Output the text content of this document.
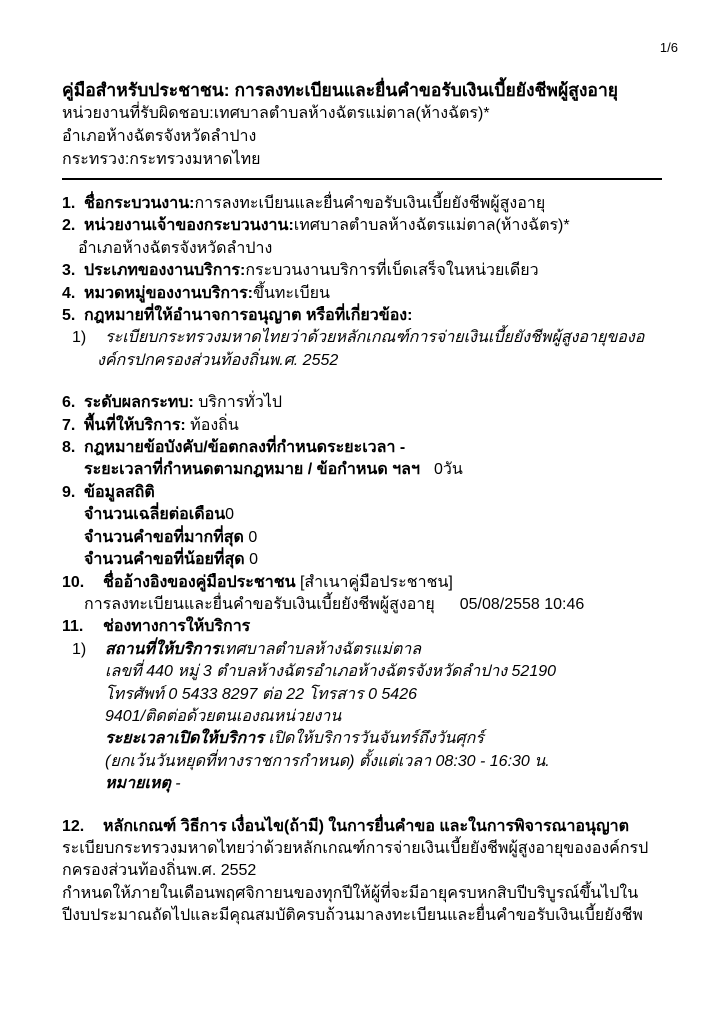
1/6
คู่มือสำหรับประชาชน: การลงทะเบียนและยื่นคำขอรับเงินเบี้ยยังชีพผู้สูงอายุ
หน่วยงานที่รับผิดชอบ:เทศบาลตำบลห้างฉัตรแม่ตาล(ห้างฉัตร)*
อำเภอห้างฉัตรจังหวัดลำปาง
กระทรวง:กระทรวงมหาดไทย
1. ชื่อกระบวนงาน:การลงทะเบียนและยื่นคำขอรับเงินเบี้ยยังชีพผู้สูงอายุ
2. หน่วยงานเจ้าของกระบวนงาน:เทศบาลตำบลห้างฉัตรแม่ตาล(ห้างฉัตร)*
อำเภอห้างฉัตรจังหวัดลำปาง
3. ประเภทของงานบริการ:กระบวนงานบริการที่เบ็ดเสร็จในหน่วยเดียว
4. หมวดหมู่ของงานบริการ:ขึ้นทะเบียน
5. กฎหมายที่ให้อำนาจการอนุญาต หรือที่เกี่ยวข้อง:
1)	ระเบียบกระทรวงมหาดไทยว่าด้วยหลักเกณฑ์การจ่ายเงินเบี้ยยังชีพผู้สูงอายุของอ
งค์กรปกครองส่วนท้องถิ่นพ.ศ. 2552
6. ระดับผลกระทบ: บริการทั่วไป
7. พื้นที่ให้บริการ: ท้องถิ่น
8. กฎหมายข้อบังคับ/ข้อตกลงที่กำหนดระยะเวลา -
ระยะเวลาที่กำหนดตามกฎหมาย / ข้อกำหนด ฯลฯ 0วัน
9. ข้อมูลสถิติ
จำนวนเฉลี่ยต่อเดือน0
จำนวนคำขอที่มากที่สุด 0
จำนวนคำขอที่น้อยที่สุด 0
10.	ชื่ออ้างอิงของคู่มือประชาชน [สำเนาคู่มือประชาชน]
การลงทะเบียนและยื่นคำขอรับเงินเบี้ยยังชีพผู้สูงอายุ 05/08/2558 10:46
11.	ช่องทางการให้บริการ
1)	สถานที่ให้บริการเทศบาลตำบลห้างฉัตรแม่ตาล
เลขที่ 440 หมู่ 3 ตำบลห้างฉัตรอำเภอห้างฉัตรจังหวัดลำปาง 52190
โทรศัพท์ 0 5433 8297 ต่อ 22 โทรสาร 0 5426
9401/ติดต่อด้วยตนเองณหน่วยงาน
ระยะเวลาเปิดให้บริการ เปิดให้บริการวันจันทร์ถึงวันศุกร์
(ยกเว้นวันหยุดที่ทางราชการกำหนด) ตั้งแต่เวลา 08:30 - 16:30 น.
หมายเหตุ -
12.	หลักเกณฑ์ วิธีการ เงื่อนไข(ถ้ามี) ในการยื่นคำขอ และในการพิจารณาอนุญาต
ระเบียบกระทรวงมหาดไทยว่าด้วยหลักเกณฑ์การจ่ายเงินเบี้ยยังชีพผู้สูงอายุขององค์กรป
กครองส่วนท้องถิ่นพ.ศ. 2552
กำหนดให้ภายในเดือนพฤศจิกายนของทุกปีให้ผู้ที่จะมีอายุครบหกสิบปีบริบูรณ์ขึ้นไปใน
ปีงบประมาณถัดไปและมีคุณสมบัติครบถ้วนมาลงทะเบียนและยื่นคำขอรับเงินเบี้ยยังชีพ
